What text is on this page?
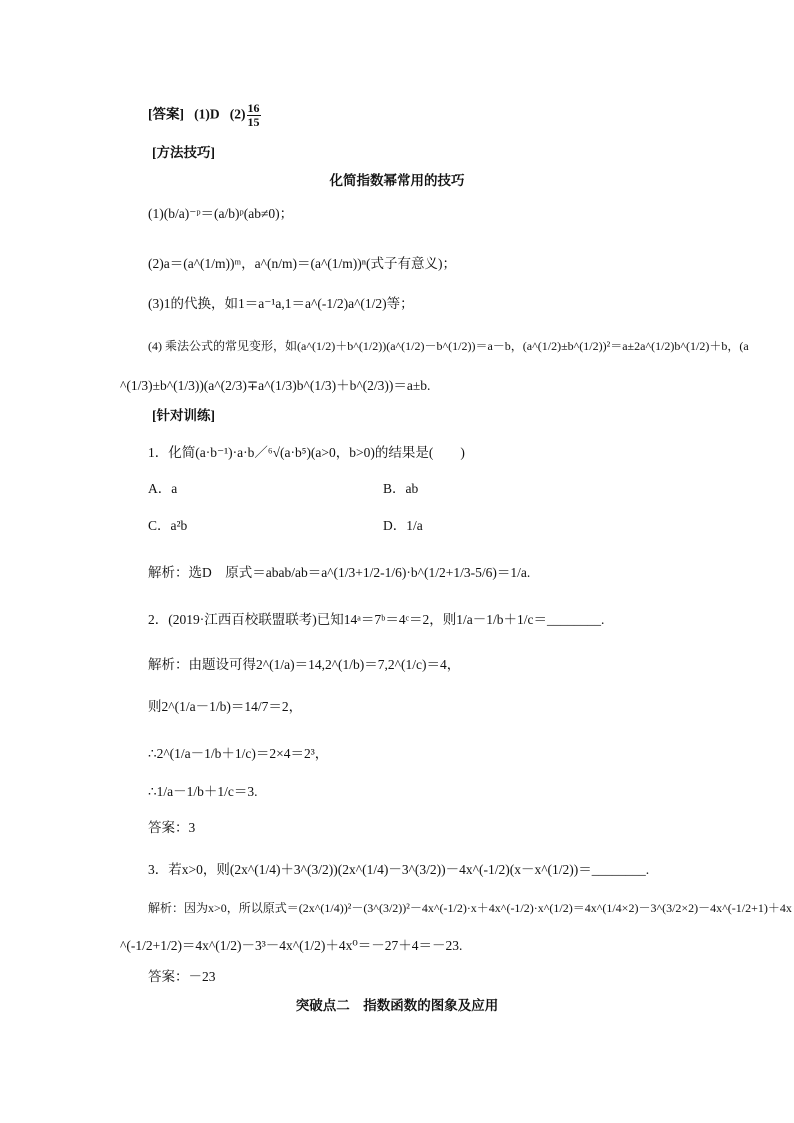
[答案] (1)D $(2) \frac{16}{15}$
[方法技巧]
化简指数幂常用的技巧
(1)(b/a)⁻ᵖ＝(a/b)ᵖ(ab≠0)；
(2)a＝(a^(1/m))ᵐ，a^(n/m)＝(a^(1/m))ⁿ(式子有意义)；
(3)1的代换，如1＝a⁻¹a,1＝a^(-1/2)a^(1/2)等；
(4) 乘法公式的常见变形，如(a^(1/2)＋b^(1/2))(a^(1/2)－b^(1/2))＝a－b，(a^(1/2)±b^(1/2))²＝a±2a^(1/2)b^(1/2)＋b，(a
^(1/3)±b^(1/3))(a^(2/3)∓a^(1/3)b^(1/3)＋b^(2/3))＝a±b.
[针对训练]
1．化简(a·b⁻¹)·a·b／⁶√(a·b⁵)(a>0，b>0)的结果是(　　)
A．a	B．ab
C．a²b	D．1/a
解析：选D　原式＝abab/ab＝a^(1/3+1/2-1/6)·b^(1/2+1/3-5/6)＝1/a.
2．(2019·江西百校联盟联考)已知14ᵃ＝7ᵇ＝4ᶜ＝2，则1/a－1/b＋1/c＝________.
解析：由题设可得2^(1/a)＝14,2^(1/b)＝7,2^(1/c)＝4，
则2^(1/a－1/b)＝14/7＝2，
∴2^(1/a－1/b＋1/c)＝2×4＝2³，
∴1/a－1/b＋1/c＝3.
答案：3
3．若x>0，则(2x^(1/4)＋3^(3/2))(2x^(1/4)－3^(3/2))－4x^(-1/2)(x－x^(1/2))＝________.
解析：因为x>0，所以原式＝(2x^(1/4))²－(3^(3/2))²－4x^(-1/2)·x＋4x^(-1/2)·x^(1/2)＝4x^(1/4×2)－3^(3/2×2)－4x^(-1/2+1)＋4x
^(-1/2+1/2)＝4x^(1/2)－3³－4x^(1/2)＋4x⁰＝－27＋4＝－23.
答案：－23
突破点二　指数函数的图象及应用
